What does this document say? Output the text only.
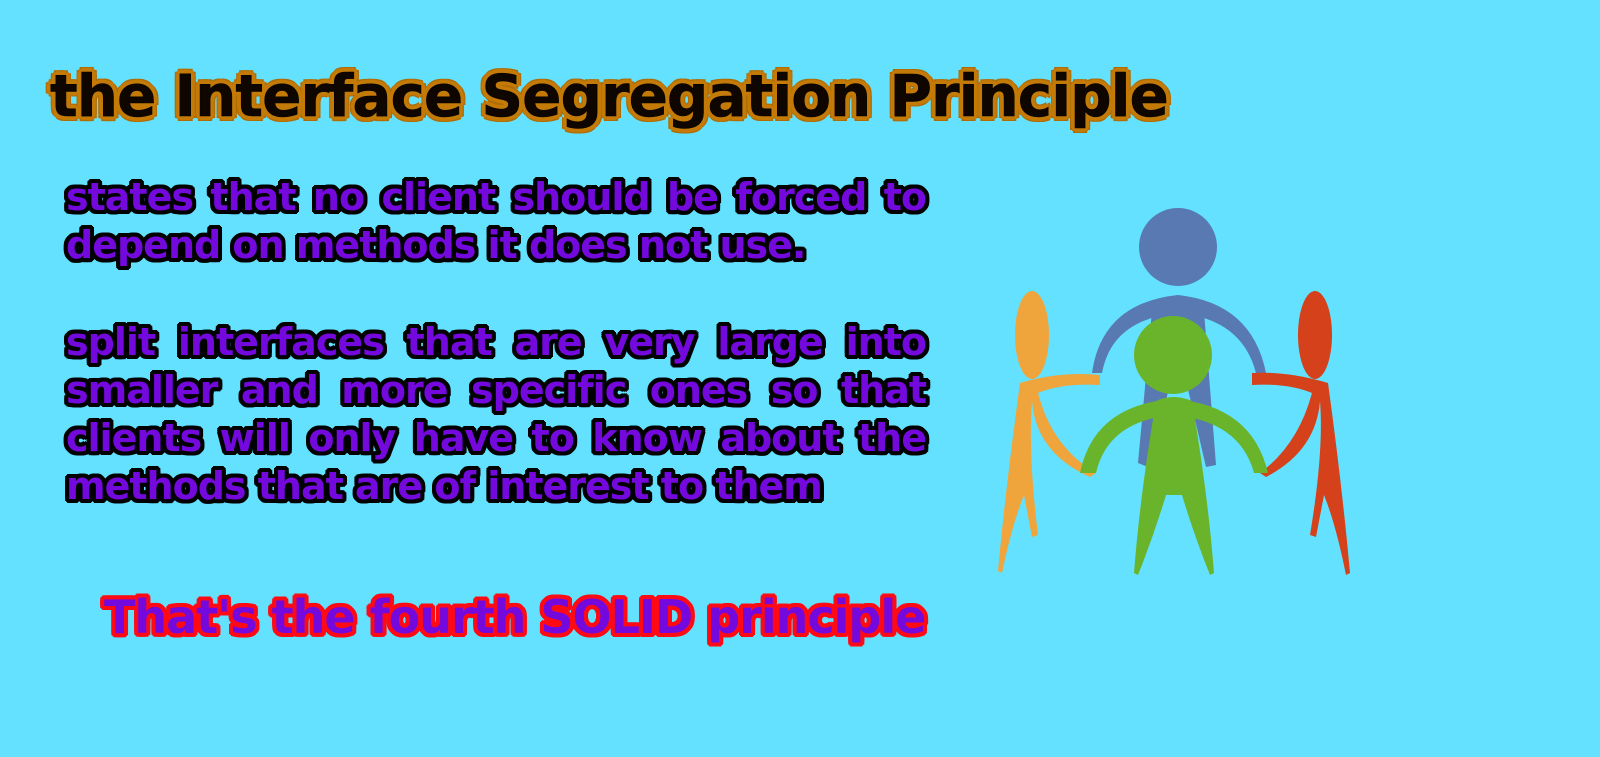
the Interface Segregation Principle

states that no client should be forced to depend on methods it does not use.

split interfaces that are very large into smaller and more specific ones so that clients will only have to know about the methods that are of interest to them

That's the fourth SOLID principle
